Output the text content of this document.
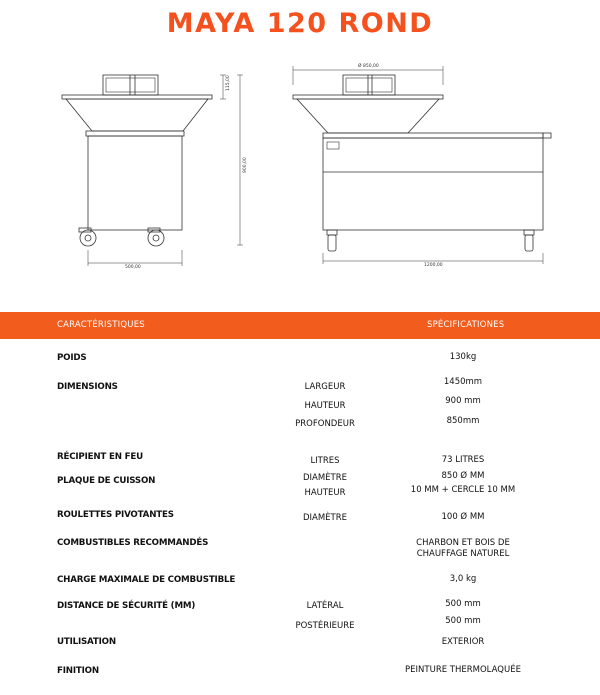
MAYA 120 ROND
115,00
900,00
500,00
Ø 850,00
1200,00
CARACTÉRISTIQUES	SPÉCIFICATIONES
POIDS	130kg
DIMENSIONS	LARGEUR	1450mm
HAUTEUR	900 mm
PROFONDEUR	850mm
RÉCIPIENT EN FEU	LITRES	73 LITRES
PLAQUE DE CUISSON	DIAMÈTRE	850 Ø MM
HAUTEUR	10 MM + CERCLE 10 MM
ROULETTES PIVOTANTES	DIAMÈTRE	100 Ø MM
COMBUSTIBLES RECOMMANDÉS	CHARBON ET BOIS DE
CHAUFFAGE NATUREL
CHARGE MAXIMALE DE COMBUSTIBLE	3,0 kg
DISTANCE DE SÉCURITÉ (MM)	LATÉRAL	500 mm
POSTÉRIEURE	500 mm
UTILISATION	EXTERIOR
FINITION	PEINTURE THERMOLAQUÉE
